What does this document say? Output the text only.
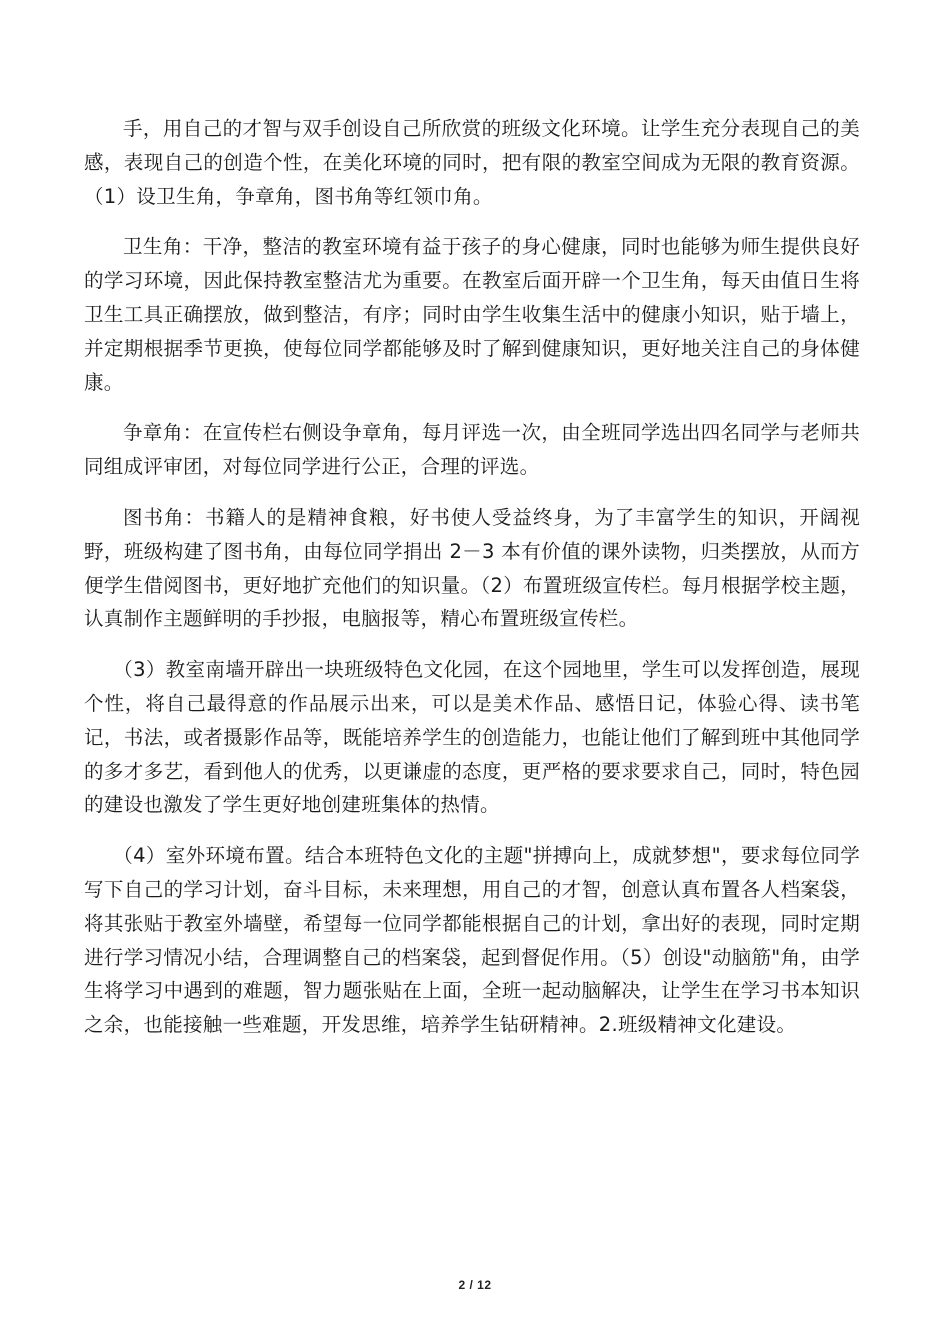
手，用自己的才智与双手创设自己所欣赏的班级文化环境。让学生充分表现自己的美感，表现自己的创造个性，在美化环境的同时，把有限的教室空间成为无限的教育资源。（1）设卫生角，争章角，图书角等红领巾角。

卫生角：干净，整洁的教室环境有益于孩子的身心健康，同时也能够为师生提供良好的学习环境，因此保持教室整洁尤为重要。在教室后面开辟一个卫生角，每天由值日生将卫生工具正确摆放，做到整洁，有序；同时由学生收集生活中的健康小知识，贴于墙上，并定期根据季节更换，使每位同学都能够及时了解到健康知识，更好地关注自己的身体健康。

争章角：在宣传栏右侧设争章角，每月评选一次，由全班同学选出四名同学与老师共同组成评审团，对每位同学进行公正，合理的评选。

图书角：书籍人的是精神食粮，好书使人受益终身，为了丰富学生的知识，开阔视野，班级构建了图书角，由每位同学捐出 2－3 本有价值的课外读物，归类摆放，从而方便学生借阅图书，更好地扩充他们的知识量。（2）布置班级宣传栏。每月根据学校主题，认真制作主题鲜明的手抄报，电脑报等，精心布置班级宣传栏。

（3）教室南墙开辟出一块班级特色文化园，在这个园地里，学生可以发挥创造，展现个性，将自己最得意的作品展示出来，可以是美术作品、感悟日记，体验心得、读书笔记，书法，或者摄影作品等，既能培养学生的创造能力，也能让他们了解到班中其他同学的多才多艺，看到他人的优秀，以更谦虚的态度，更严格的要求要求自己，同时，特色园的建设也激发了学生更好地创建班集体的热情。

（4）室外环境布置。结合本班特色文化的主题"拼搏向上，成就梦想"，要求每位同学写下自己的学习计划，奋斗目标，未来理想，用自己的才智，创意认真布置各人档案袋，将其张贴于教室外墙壁，希望每一位同学都能根据自己的计划，拿出好的表现，同时定期进行学习情况小结，合理调整自己的档案袋，起到督促作用。（5）创设"动脑筋"角，由学生将学习中遇到的难题，智力题张贴在上面，全班一起动脑解决，让学生在学习书本知识之余，也能接触一些难题，开发思维，培养学生钻研精神。2.班级精神文化建设。

2 / 12
